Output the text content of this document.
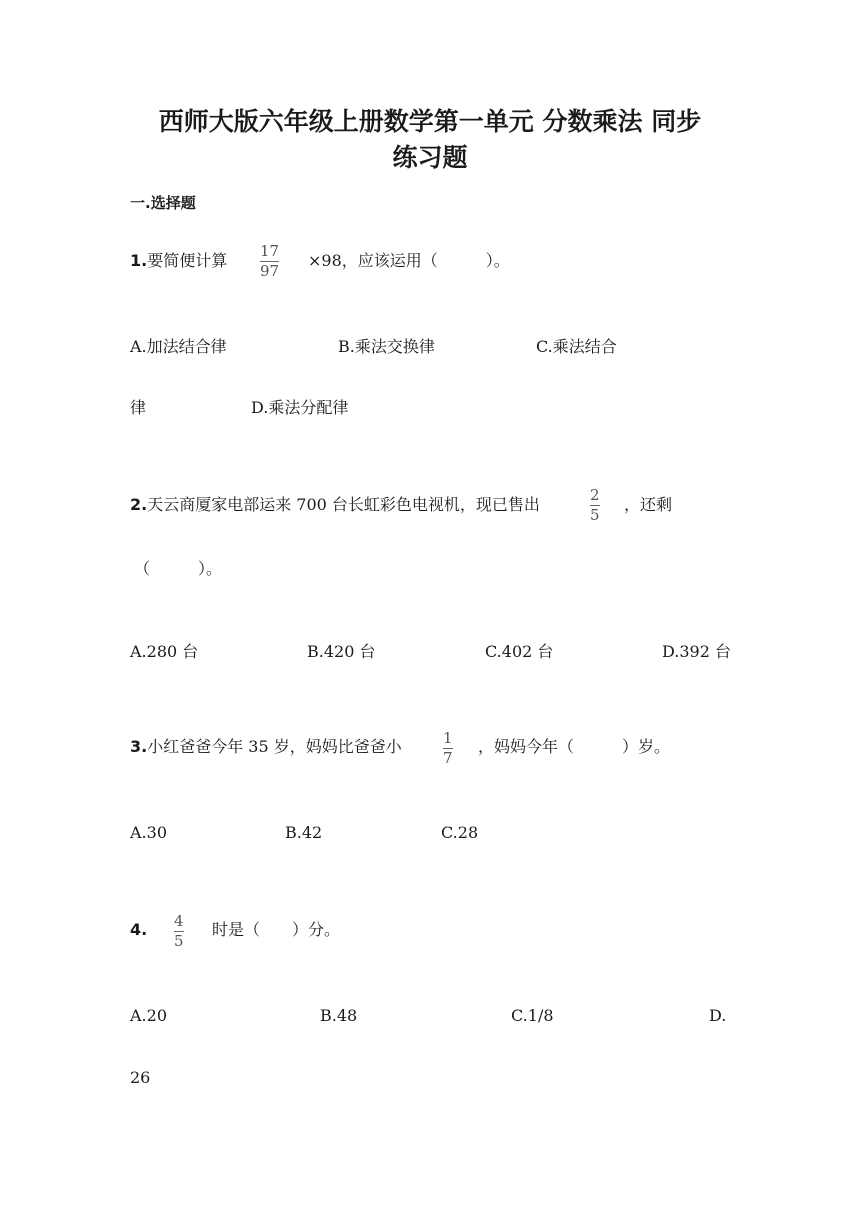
西师大版六年级上册数学第一单元 分数乘法 同步
练习题
一.选择题
1.要简便计算 17
97
×98，应该运用（　　　）。
A.加法结合律	B.乘法交换律	C.乘法结合
律	D.乘法分配律
2.天云商厦家电部运来 700 台长虹彩色电视机，现已售出	2
5
，还剩
（　　　）。
A.280 台	B.420 台	C.402 台	D.392 台
3.小红爸爸今年 35 岁，妈妈比爸爸小	1
7
，妈妈今年（　　　）岁。
A.30	B.42	C.28
4. 4
5
时是（　　）分。
A.20	B.48	C.1/8	D.
26
